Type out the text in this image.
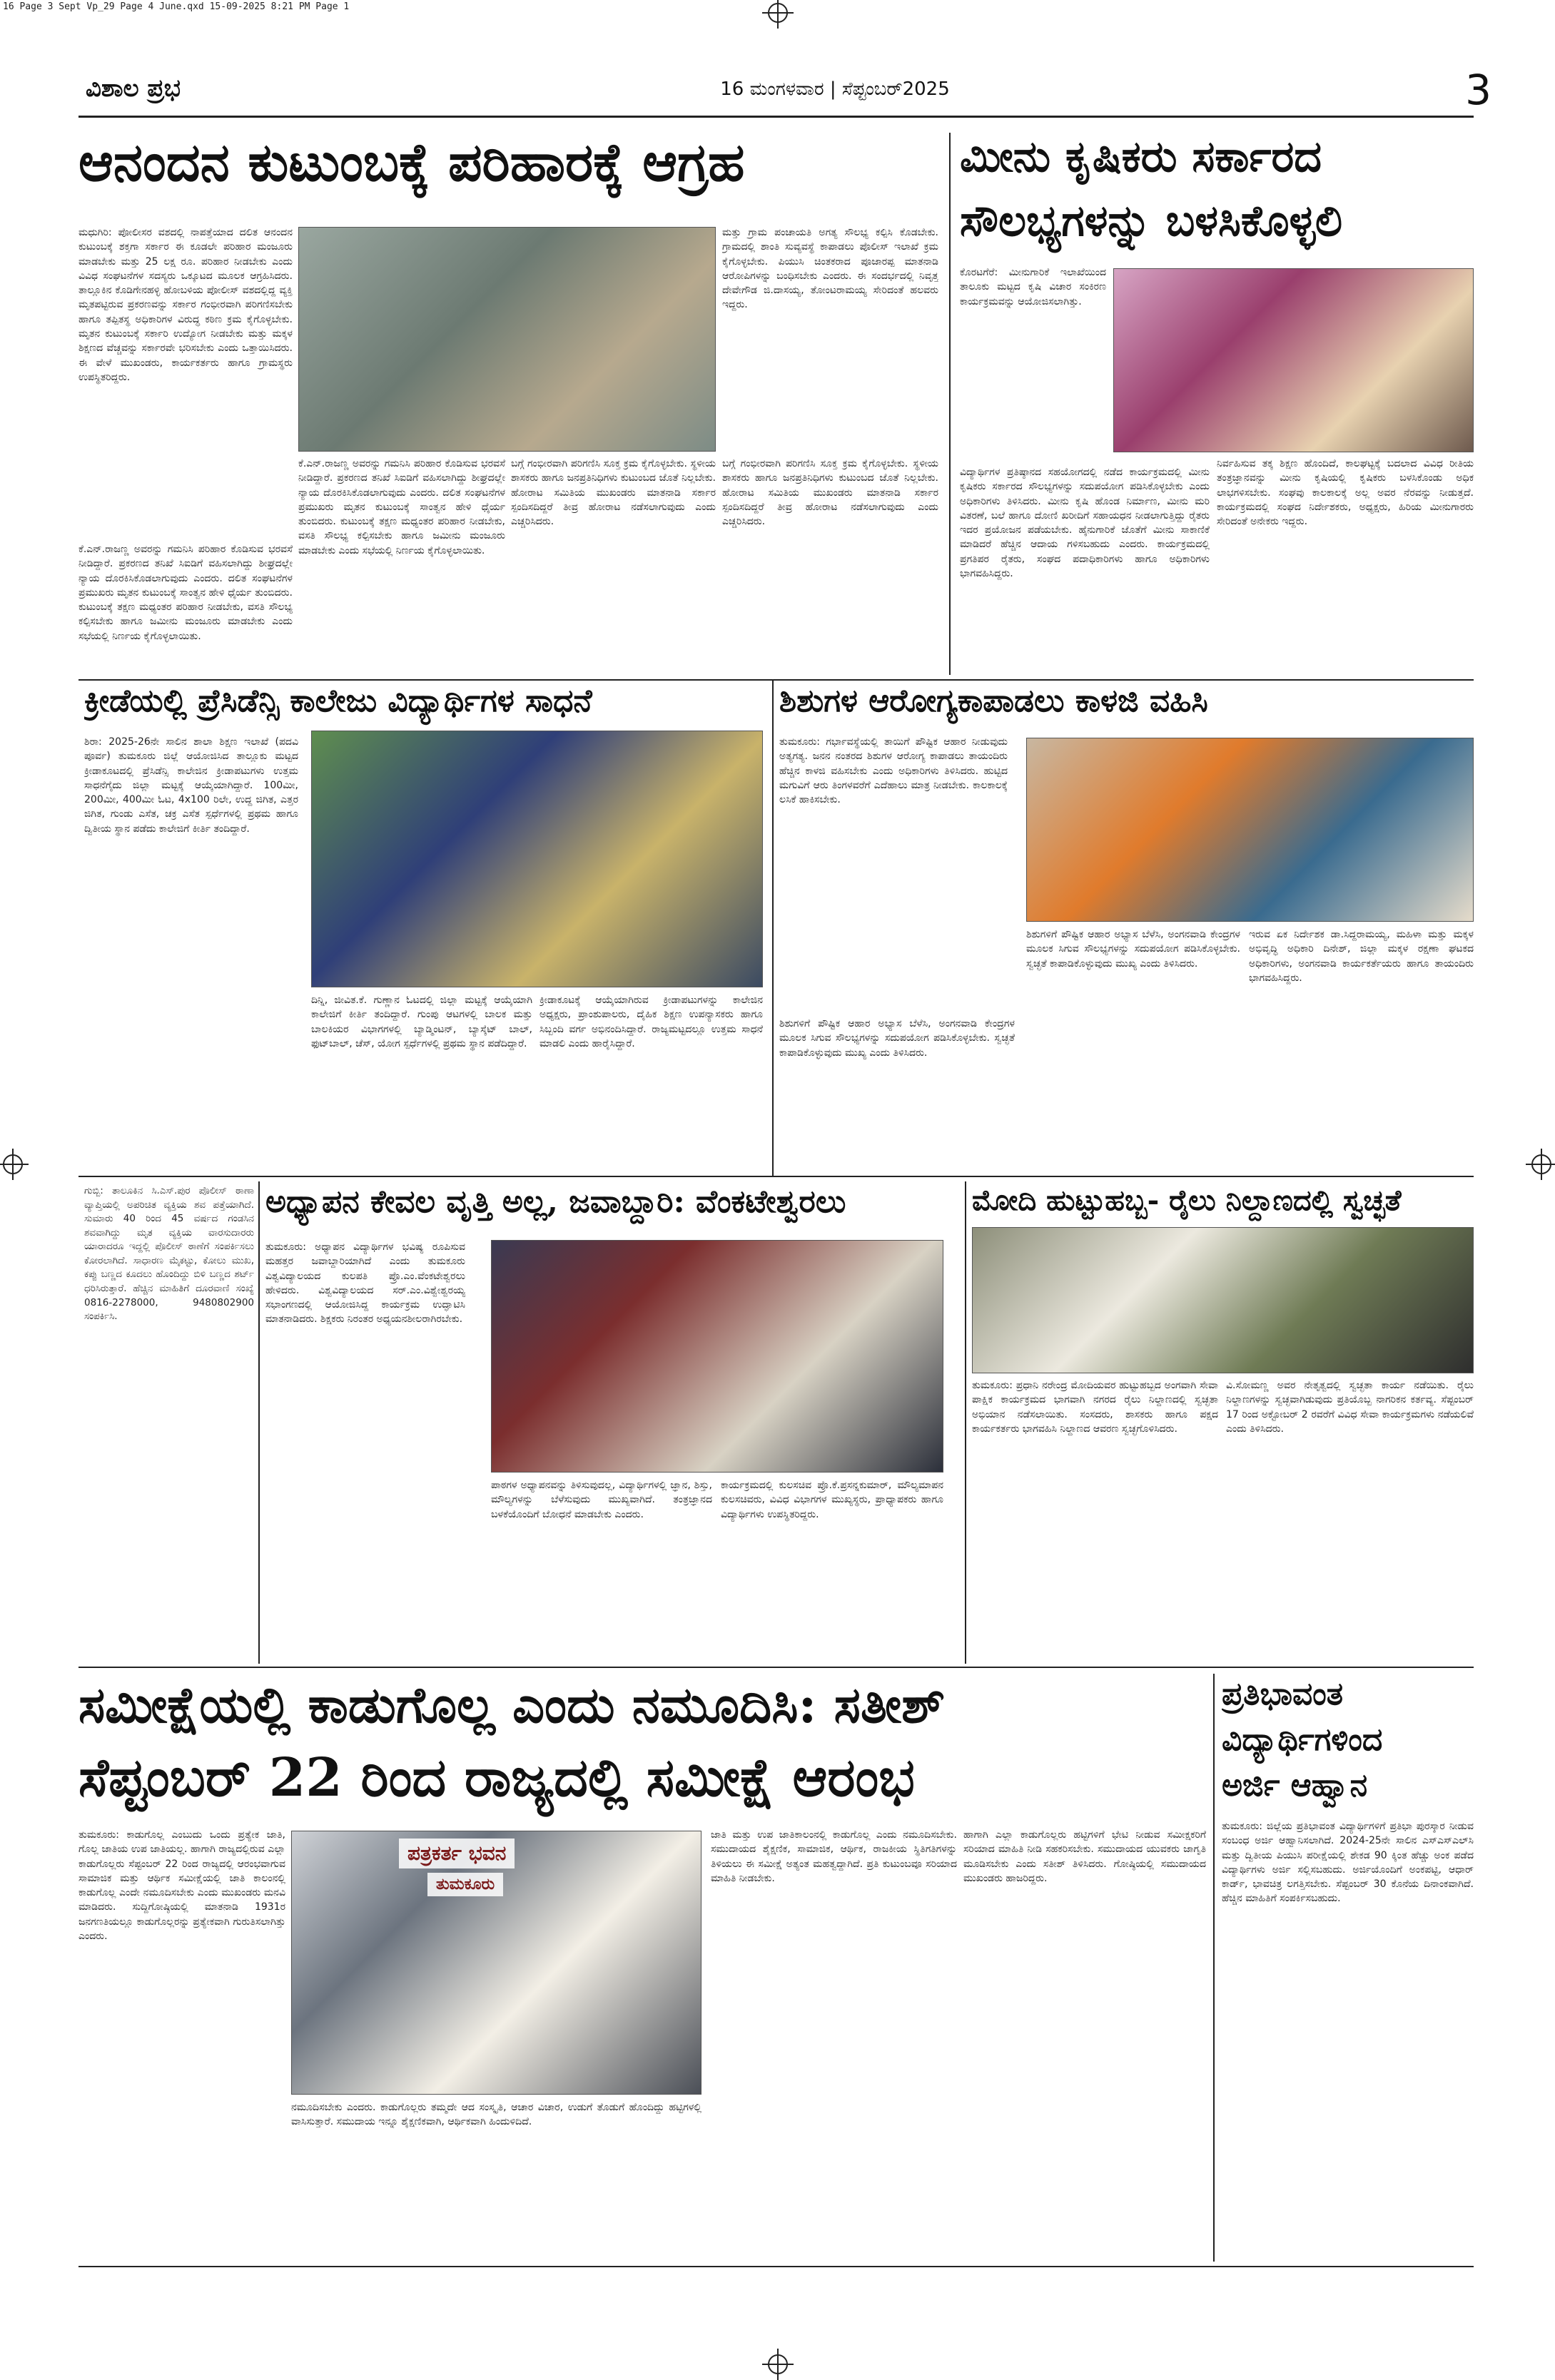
16 Page 3 Sept Vp_29 Page 4 June.qxd 15-09-2025 8:21 PM Page 1
ವಿಶಾಲ ಪ್ರಭ	16 ಮಂಗಳವಾರ | ಸೆಪ್ಟಂಬರ್2025	3
ಆನಂದನ ಕುಟುಂಬಕ್ಕೆ ಪರಿಹಾರಕ್ಕೆ ಆಗ್ರಹ
ಮಧುಗಿರಿ: ಪೋಲೀಸರ ವಶದಲ್ಲಿ ನಾಪತ್ತೆಯಾದ ದಲಿತ ಆನಂದನ ಕುಟುಂಬಕ್ಕೆ ಶಕ್ತಗಾ ಸರ್ಕಾರ ಈ ಕೂಡಲೇ ಪರಿಹಾರ ಮಂಜೂರು ಮಾಡಬೇಕು ಮತ್ತು 25 ಲಕ್ಷ ರೂ. ಪರಿಹಾರ ನೀಡಬೇಕು ಎಂದು ವಿವಿಧ ಸಂಘಟನೆಗಳ ಸದಸ್ಯರು ಒಕ್ಕೂಟದ ಮೂಲಕ ಆಗ್ರಹಿಸಿದರು. ತಾಲ್ಲೂಕಿನ ಕೊಡಿಗೇನಹಳ್ಳಿ ಹೋಬಳಿಯ ಪೋಲೀಸ್ ವಶದಲ್ಲಿದ್ದ ವ್ಯಕ್ತಿ ಮೃತಪಟ್ಟಿರುವ ಪ್ರಕರಣವನ್ನು ಸರ್ಕಾರ ಗಂಭೀರವಾಗಿ ಪರಿಗಣಿಸಬೇಕು ಹಾಗೂ ತಪ್ಪಿತಸ್ಥ ಅಧಿಕಾರಿಗಳ ವಿರುದ್ಧ ಕಠಿಣ ಕ್ರಮ ಕೈಗೊಳ್ಳಬೇಕು. ಮೃತನ ಕುಟುಂಬಕ್ಕೆ ಸರ್ಕಾರಿ ಉದ್ಯೋಗ ನೀಡಬೇಕು ಮತ್ತು ಮಕ್ಕಳ ಶಿಕ್ಷಣದ ವೆಚ್ಚವನ್ನು ಸರ್ಕಾರವೇ ಭರಿಸಬೇಕು ಎಂದು ಒತ್ತಾಯಿಸಿದರು. ಈ ವೇಳೆ ಮುಖಂಡರು, ಕಾರ್ಯಕರ್ತರು ಹಾಗೂ ಗ್ರಾಮಸ್ಥರು ಉಪಸ್ಥಿತರಿದ್ದರು.
ಮತ್ತು ಗ್ರಾಮ ಪಂಚಾಯತಿ ಅಗತ್ಯ ಸೌಲಭ್ಯ ಕಲ್ಪಿಸಿ ಕೊಡಬೇಕು. ಗ್ರಾಮದಲ್ಲಿ ಶಾಂತಿ ಸುವ್ಯವಸ್ಥೆ ಕಾಪಾಡಲು ಪೊಲೀಸ್ ಇಲಾಖೆ ಕ್ರಮ ಕೈಗೊಳ್ಳಬೇಕು. ಪಿಯುಸಿ ಚಿಂತಕರಾದ ಪೂಜಾರಪ್ಪ ಮಾತನಾಡಿ ಆರೋಪಿಗಳನ್ನು ಬಂಧಿಸಬೇಕು ಎಂದರು. ಈ ಸಂದರ್ಭದಲ್ಲಿ ನಿವೃತ್ತ ದೇವೇಗೌಡ ಜಿ.ದಾಸಯ್ಯ, ತೋಂಟರಾಮಯ್ಯ ಸೇರಿದಂತೆ ಹಲವರು ಇದ್ದರು.
ಕೆ.ಎನ್.ರಾಜಣ್ಣ ಅವರನ್ನು ಗಮನಿಸಿ ಪರಿಹಾರ ಕೊಡಿಸುವ ಭರವಸೆ ನೀಡಿದ್ದಾರೆ. ಪ್ರಕರಣದ ತನಿಖೆ ಸಿಐಡಿಗೆ ವಹಿಸಲಾಗಿದ್ದು ಶೀಘ್ರದಲ್ಲೇ ನ್ಯಾಯ ದೊರಕಿಸಿಕೊಡಲಾಗುವುದು ಎಂದರು. ದಲಿತ ಸಂಘಟನೆಗಳ ಪ್ರಮುಖರು ಮೃತನ ಕುಟುಂಬಕ್ಕೆ ಸಾಂತ್ವನ ಹೇಳಿ ಧೈರ್ಯ ತುಂಬಿದರು. ಕುಟುಂಬಕ್ಕೆ ತಕ್ಷಣ ಮಧ್ಯಂತರ ಪರಿಹಾರ ನೀಡಬೇಕು, ವಸತಿ ಸೌಲಭ್ಯ ಕಲ್ಪಿಸಬೇಕು ಹಾಗೂ ಜಮೀನು ಮಂಜೂರು ಮಾಡಬೇಕು ಎಂದು ಸಭೆಯಲ್ಲಿ ನಿರ್ಣಯ ಕೈಗೊಳ್ಳಲಾಯಿತು.
ಬಗ್ಗೆ ಗಂಭೀರವಾಗಿ ಪರಿಗಣಿಸಿ ಸೂಕ್ತ ಕ್ರಮ ಕೈಗೊಳ್ಳಬೇಕು. ಸ್ಥಳೀಯ ಶಾಸಕರು ಹಾಗೂ ಜನಪ್ರತಿನಿಧಿಗಳು ಕುಟುಂಬದ ಜೊತೆ ನಿಲ್ಲಬೇಕು. ಹೋರಾಟ ಸಮಿತಿಯ ಮುಖಂಡರು ಮಾತನಾಡಿ ಸರ್ಕಾರ ಸ್ಪಂದಿಸದಿದ್ದರೆ ತೀವ್ರ ಹೋರಾಟ ನಡೆಸಲಾಗುವುದು ಎಂದು ಎಚ್ಚರಿಸಿದರು.
ಕೆ.ಎನ್.ರಾಜಣ್ಣ ಅವರನ್ನು ಗಮನಿಸಿ ಪರಿಹಾರ ಕೊಡಿಸುವ ಭರವಸೆ ನೀಡಿದ್ದಾರೆ. ಪ್ರಕರಣದ ತನಿಖೆ ಸಿಐಡಿಗೆ ವಹಿಸಲಾಗಿದ್ದು ಶೀಘ್ರದಲ್ಲೇ ನ್ಯಾಯ ದೊರಕಿಸಿಕೊಡಲಾಗುವುದು ಎಂದರು. ದಲಿತ ಸಂಘಟನೆಗಳ ಪ್ರಮುಖರು ಮೃತನ ಕುಟುಂಬಕ್ಕೆ ಸಾಂತ್ವನ ಹೇಳಿ ಧೈರ್ಯ ತುಂಬಿದರು. ಕುಟುಂಬಕ್ಕೆ ತಕ್ಷಣ ಮಧ್ಯಂತರ ಪರಿಹಾರ ನೀಡಬೇಕು, ವಸತಿ ಸೌಲಭ್ಯ ಕಲ್ಪಿಸಬೇಕು ಹಾಗೂ ಜಮೀನು ಮಂಜೂರು ಮಾಡಬೇಕು ಎಂದು ಸಭೆಯಲ್ಲಿ ನಿರ್ಣಯ ಕೈಗೊಳ್ಳಲಾಯಿತು.
ಬಗ್ಗೆ ಗಂಭೀರವಾಗಿ ಪರಿಗಣಿಸಿ ಸೂಕ್ತ ಕ್ರಮ ಕೈಗೊಳ್ಳಬೇಕು. ಸ್ಥಳೀಯ ಶಾಸಕರು ಹಾಗೂ ಜನಪ್ರತಿನಿಧಿಗಳು ಕುಟುಂಬದ ಜೊತೆ ನಿಲ್ಲಬೇಕು. ಹೋರಾಟ ಸಮಿತಿಯ ಮುಖಂಡರು ಮಾತನಾಡಿ ಸರ್ಕಾರ ಸ್ಪಂದಿಸದಿದ್ದರೆ ತೀವ್ರ ಹೋರಾಟ ನಡೆಸಲಾಗುವುದು ಎಂದು ಎಚ್ಚರಿಸಿದರು.
ಮೀನು ಕೃಷಿಕರು ಸರ್ಕಾರದ
ಸೌಲಭ್ಯಗಳನ್ನು ಬಳಸಿಕೊಳ್ಳಲಿ
ಕೊರಟಗೆರೆ: ಮೀನುಗಾರಿಕೆ ಇಲಾಖೆಯಿಂದ ತಾಲೂಕು ಮಟ್ಟದ ಕೃಷಿ ವಿಚಾರ ಸಂಕಿರಣ ಕಾರ್ಯಕ್ರಮವನ್ನು ಆಯೋಜಿಸಲಾಗಿತ್ತು.
ವಿದ್ಯಾರ್ಥಿಗಳ ಪ್ರತಿಷ್ಠಾನದ ಸಹಯೋಗದಲ್ಲಿ ನಡೆದ ಕಾರ್ಯಕ್ರಮದಲ್ಲಿ ಮೀನು ಕೃಷಿಕರು ಸರ್ಕಾರದ ಸೌಲಭ್ಯಗಳನ್ನು ಸದುಪಯೋಗ ಪಡಿಸಿಕೊಳ್ಳಬೇಕು ಎಂದು ಅಧಿಕಾರಿಗಳು ತಿಳಿಸಿದರು. ಮೀನು ಕೃಷಿ ಹೊಂಡ ನಿರ್ಮಾಣ, ಮೀನು ಮರಿ ವಿತರಣೆ, ಬಲೆ ಹಾಗೂ ದೋಣಿ ಖರೀದಿಗೆ ಸಹಾಯಧನ ನೀಡಲಾಗುತ್ತಿದ್ದು ರೈತರು ಇದರ ಪ್ರಯೋಜನ ಪಡೆಯಬೇಕು. ಹೈನುಗಾರಿಕೆ ಜೊತೆಗೆ ಮೀನು ಸಾಕಾಣಿಕೆ ಮಾಡಿದರೆ ಹೆಚ್ಚಿನ ಆದಾಯ ಗಳಿಸಬಹುದು ಎಂದರು. ಕಾರ್ಯಕ್ರಮದಲ್ಲಿ ಪ್ರಗತಿಪರ ರೈತರು, ಸಂಘದ ಪದಾಧಿಕಾರಿಗಳು ಹಾಗೂ ಅಧಿಕಾರಿಗಳು ಭಾಗವಹಿಸಿದ್ದರು.
ನಿರ್ವಹಿಸುವ ತಕ್ಕ ಶಿಕ್ಷಣ ಹೊಂದಿದೆ, ಕಾಲಘಟ್ಟಕ್ಕೆ ಬದಲಾದ ವಿವಿಧ ರೀತಿಯ ತಂತ್ರಜ್ಞಾನವನ್ನು ಮೀನು ಕೃಷಿಯಲ್ಲಿ ಕೃಷಿಕರು ಬಳಸಿಕೊಂಡು ಅಧಿಕ ಲಾಭಗಳಿಸಬೇಕು. ಸಂಘವು ಕಾಲಕಾಲಕ್ಕೆ ಅಲ್ಲ ಅವರ ನೆರವನ್ನು ನೀಡುತ್ತದೆ. ಕಾರ್ಯಕ್ರಮದಲ್ಲಿ ಸಂಘದ ನಿರ್ದೇಶಕರು, ಅಧ್ಯಕ್ಷರು, ಹಿರಿಯ ಮೀನುಗಾರರು ಸೇರಿದಂತೆ ಅನೇಕರು ಇದ್ದರು.
ಕ್ರೀಡೆಯಲ್ಲಿ ಪ್ರೆಸಿಡೆನ್ಸಿ ಕಾಲೇಜು ವಿದ್ಯಾರ್ಥಿಗಳ ಸಾಧನೆ
ಶಿರಾ: 2025-26ನೇ ಸಾಲಿನ ಶಾಲಾ ಶಿಕ್ಷಣ ಇಲಾಖೆ (ಪದವಿ ಪೂರ್ವ) ತುಮಕೂರು ಜಿಲ್ಲೆ ಆಯೋಜಿಸಿದ ತಾಲ್ಲೂಕು ಮಟ್ಟದ ಕ್ರೀಡಾಕೂಟದಲ್ಲಿ ಪ್ರೆಸಿಡೆನ್ಸಿ ಕಾಲೇಜಿನ ಕ್ರೀಡಾಪಟುಗಳು ಉತ್ತಮ ಸಾಧನೆಗೈದು ಜಿಲ್ಲಾ ಮಟ್ಟಕ್ಕೆ ಆಯ್ಕೆಯಾಗಿದ್ದಾರೆ. 100ಮೀ, 200ಮೀ, 400ಮೀ ಓಟ, 4x100 ರಿಲೇ, ಉದ್ದ ಜಿಗಿತ, ಎತ್ತರ ಜಿಗಿತ, ಗುಂಡು ಎಸೆತ, ಚಕ್ರ ಎಸೆತ ಸ್ಪರ್ಧೆಗಳಲ್ಲಿ ಪ್ರಥಮ ಹಾಗೂ ದ್ವಿತೀಯ ಸ್ಥಾನ ಪಡೆದು ಕಾಲೇಜಿಗೆ ಕೀರ್ತಿ ತಂದಿದ್ದಾರೆ.
ದಿನ್ನಿ, ಜೀವಿತ.ಕೆ. ಗುಣ್ಣಾನ ಓಟದಲ್ಲಿ ಜಿಲ್ಲಾ ಮಟ್ಟಕ್ಕೆ ಆಯ್ಕೆಯಾಗಿ ಕಾಲೇಜಿಗೆ ಕೀರ್ತಿ ತಂದಿದ್ದಾರೆ. ಗುಂಪು ಆಟಗಳಲ್ಲಿ ಬಾಲಕ ಮತ್ತು ಬಾಲಕಿಯರ ವಿಭಾಗಗಳಲ್ಲಿ ಬ್ಯಾಡ್ಮಿಂಟನ್, ಬ್ಯಾಸ್ಕೆಟ್ ಬಾಲ್, ಫುಟ್‌ಬಾಲ್, ಚೆಸ್, ಯೋಗ ಸ್ಪರ್ಧೆಗಳಲ್ಲಿ ಪ್ರಥಮ ಸ್ಥಾನ ಪಡೆದಿದ್ದಾರೆ.
ಕ್ರೀಡಾಕೂಟಕ್ಕೆ ಆಯ್ಕೆಯಾಗಿರುವ ಕ್ರೀಡಾಪಟುಗಳನ್ನು ಕಾಲೇಜಿನ ಅಧ್ಯಕ್ಷರು, ಪ್ರಾಂಶುಪಾಲರು, ದೈಹಿಕ ಶಿಕ್ಷಣ ಉಪನ್ಯಾಸಕರು ಹಾಗೂ ಸಿಬ್ಬಂದಿ ವರ್ಗ ಅಭಿನಂದಿಸಿದ್ದಾರೆ. ರಾಜ್ಯಮಟ್ಟದಲ್ಲೂ ಉತ್ತಮ ಸಾಧನೆ ಮಾಡಲಿ ಎಂದು ಹಾರೈಸಿದ್ದಾರೆ.
ಶಿಶುಗಳ ಆರೋಗ್ಯಕಾಪಾಡಲು ಕಾಳಜಿ ವಹಿಸಿ
ತುಮಕೂರು: ಗರ್ಭಾವಸ್ಥೆಯಲ್ಲಿ ತಾಯಿಗೆ ಪೌಷ್ಟಿಕ ಆಹಾರ ನೀಡುವುದು ಅತ್ಯಗತ್ಯ. ಜನನ ನಂತರದ ಶಿಶುಗಳ ಆರೋಗ್ಯ ಕಾಪಾಡಲು ತಾಯಂದಿರು ಹೆಚ್ಚಿನ ಕಾಳಜಿ ವಹಿಸಬೇಕು ಎಂದು ಅಧಿಕಾರಿಗಳು ತಿಳಿಸಿದರು. ಹುಟ್ಟಿದ ಮಗುವಿಗೆ ಆರು ತಿಂಗಳವರೆಗೆ ಎದೆಹಾಲು ಮಾತ್ರ ನೀಡಬೇಕು. ಕಾಲಕಾಲಕ್ಕೆ ಲಸಿಕೆ ಹಾಕಿಸಬೇಕು.
ಶಿಶುಗಳಿಗೆ ಪೌಷ್ಟಿಕ ಆಹಾರ ಅಭ್ಯಾಸ ಬೆಳೆಸಿ, ಅಂಗನವಾಡಿ ಕೇಂದ್ರಗಳ ಮೂಲಕ ಸಿಗುವ ಸೌಲಭ್ಯಗಳನ್ನು ಸದುಪಯೋಗ ಪಡಿಸಿಕೊಳ್ಳಬೇಕು. ಸ್ವಚ್ಛತೆ ಕಾಪಾಡಿಕೊಳ್ಳುವುದು ಮುಖ್ಯ ಎಂದು ತಿಳಿಸಿದರು.
ಇರುವ ಏಕ ನಿರ್ದೇಶಕ ಡಾ.ಸಿದ್ದರಾಮಯ್ಯ, ಮಹಿಳಾ ಮತ್ತು ಮಕ್ಕಳ ಅಭಿವೃದ್ಧಿ ಅಧಿಕಾರಿ ದಿನೇಶ್, ಜಿಲ್ಲಾ ಮಕ್ಕಳ ರಕ್ಷಣಾ ಘಟಕದ ಅಧಿಕಾರಿಗಳು, ಅಂಗನವಾಡಿ ಕಾರ್ಯಕರ್ತೆಯರು ಹಾಗೂ ತಾಯಂದಿರು ಭಾಗವಹಿಸಿದ್ದರು.
ಶಿಶುಗಳಿಗೆ ಪೌಷ್ಟಿಕ ಆಹಾರ ಅಭ್ಯಾಸ ಬೆಳೆಸಿ, ಅಂಗನವಾಡಿ ಕೇಂದ್ರಗಳ ಮೂಲಕ ಸಿಗುವ ಸೌಲಭ್ಯಗಳನ್ನು ಸದುಪಯೋಗ ಪಡಿಸಿಕೊಳ್ಳಬೇಕು. ಸ್ವಚ್ಛತೆ ಕಾಪಾಡಿಕೊಳ್ಳುವುದು ಮುಖ್ಯ ಎಂದು ತಿಳಿಸಿದರು.
ಗುಬ್ಬಿ: ತಾಲೂಕಿನ ಸಿ.ಎಸ್.ಪುರ ಪೊಲೀಸ್ ಠಾಣಾ ವ್ಯಾಪ್ತಿಯಲ್ಲಿ ಅಪರಿಚಿತ ವ್ಯಕ್ತಿಯ ಶವ ಪತ್ತೆಯಾಗಿದೆ. ಸುಮಾರು 40 ರಿಂದ 45 ವರ್ಷದ ಗಂಡಸಿನ ಶವವಾಗಿದ್ದು ಮೃತ ವ್ಯಕ್ತಿಯ ವಾರಸುದಾರರು ಯಾರಾದರೂ ಇದ್ದಲ್ಲಿ ಪೊಲೀಸ್ ಠಾಣೆಗೆ ಸಂಪರ್ಕಿಸಲು ಕೋರಲಾಗಿದೆ. ಸಾಧಾರಣ ಮೈಕಟ್ಟು, ಕೋಲು ಮುಖ, ಕಪ್ಪು ಬಣ್ಣದ ಕೂದಲು ಹೊಂದಿದ್ದು ಬಿಳಿ ಬಣ್ಣದ ಶರ್ಟ್ ಧರಿಸಿರುತ್ತಾರೆ. ಹೆಚ್ಚಿನ ಮಾಹಿತಿಗೆ ದೂರವಾಣಿ ಸಂಖ್ಯೆ 0816-2278000, 9480802900 ಸಂಪರ್ಕಿಸಿ.
ಅಧ್ಯಾಪನ ಕೇವಲ ವೃತ್ತಿ ಅಲ್ಲ, ಜವಾಬ್ದಾರಿ: ವೆಂಕಟೇಶ್ವರಲು
ತುಮಕೂರು: ಅಧ್ಯಾಪನ ವಿದ್ಯಾರ್ಥಿಗಳ ಭವಿಷ್ಯ ರೂಪಿಸುವ ಮಹತ್ತರ ಜವಾಬ್ದಾರಿಯಾಗಿದೆ ಎಂದು ತುಮಕೂರು ವಿಶ್ವವಿದ್ಯಾಲಯದ ಕುಲಪತಿ ಪ್ರೊ.ಎಂ.ವೆಂಕಟೇಶ್ವರಲು ಹೇಳಿದರು. ವಿಶ್ವವಿದ್ಯಾಲಯದ ಸರ್.ಎಂ.ವಿಶ್ವೇಶ್ವರಯ್ಯ ಸಭಾಂಗಣದಲ್ಲಿ ಆಯೋಜಿಸಿದ್ದ ಕಾರ್ಯಕ್ರಮ ಉದ್ಘಾಟಿಸಿ ಮಾತನಾಡಿದರು. ಶಿಕ್ಷಕರು ನಿರಂತರ ಅಧ್ಯಯನಶೀಲರಾಗಿರಬೇಕು.
ಪಾಠಗಳ ಅಧ್ಯಾಪನವನ್ನು ತಿಳಿಸುವುದಲ್ಲ, ವಿದ್ಯಾರ್ಥಿಗಳಲ್ಲಿ ಜ್ಞಾನ, ಶಿಸ್ತು, ಮೌಲ್ಯಗಳನ್ನು ಬೆಳೆಸುವುದು ಮುಖ್ಯವಾಗಿದೆ. ತಂತ್ರಜ್ಞಾನದ ಬಳಕೆಯೊಂದಿಗೆ ಬೋಧನೆ ಮಾಡಬೇಕು ಎಂದರು.
ಕಾರ್ಯಕ್ರಮದಲ್ಲಿ ಕುಲಸಚಿವ ಪ್ರೊ.ಕೆ.ಪ್ರಸನ್ನಕುಮಾರ್, ಮೌಲ್ಯಮಾಪನ ಕುಲಸಚಿವರು, ವಿವಿಧ ವಿಭಾಗಗಳ ಮುಖ್ಯಸ್ಥರು, ಪ್ರಾಧ್ಯಾಪಕರು ಹಾಗೂ ವಿದ್ಯಾರ್ಥಿಗಳು ಉಪಸ್ಥಿತರಿದ್ದರು.
ಮೋದಿ ಹುಟ್ಟುಹಬ್ಬ- ರೈಲು ನಿಲ್ದಾಣದಲ್ಲಿ ಸ್ವಚ್ಛತೆ
ತುಮಕೂರು: ಪ್ರಧಾನಿ ನರೇಂದ್ರ ಮೋದಿಯವರ ಹುಟ್ಟುಹಬ್ಬದ ಅಂಗವಾಗಿ ಸೇವಾ ಪಾಕ್ಷಿಕ ಕಾರ್ಯಕ್ರಮದ ಭಾಗವಾಗಿ ನಗರದ ರೈಲು ನಿಲ್ದಾಣದಲ್ಲಿ ಸ್ವಚ್ಛತಾ ಅಭಿಯಾನ ನಡೆಸಲಾಯಿತು. ಸಂಸದರು, ಶಾಸಕರು ಹಾಗೂ ಪಕ್ಷದ ಕಾರ್ಯಕರ್ತರು ಭಾಗವಹಿಸಿ ನಿಲ್ದಾಣದ ಆವರಣ ಸ್ವಚ್ಛಗೊಳಿಸಿದರು.
ವಿ.ಸೋಮಣ್ಣ ಅವರ ನೇತೃತ್ವದಲ್ಲಿ ಸ್ವಚ್ಛತಾ ಕಾರ್ಯ ನಡೆಯಿತು. ರೈಲು ನಿಲ್ದಾಣಗಳನ್ನು ಸ್ವಚ್ಛವಾಗಿಡುವುದು ಪ್ರತಿಯೊಬ್ಬ ನಾಗರಿಕನ ಕರ್ತವ್ಯ. ಸೆಪ್ಟಂಬರ್ 17 ರಿಂದ ಅಕ್ಟೋಬರ್ 2 ರವರೆಗೆ ವಿವಿಧ ಸೇವಾ ಕಾರ್ಯಕ್ರಮಗಳು ನಡೆಯಲಿವೆ ಎಂದು ತಿಳಿಸಿದರು.
ಸಮೀಕ್ಷೆಯಲ್ಲಿ ಕಾಡುಗೊಲ್ಲ ಎಂದು ನಮೂದಿಸಿ: ಸತೀಶ್
ಸೆಪ್ಟಂಬರ್ 22 ರಿಂದ ರಾಜ್ಯದಲ್ಲಿ ಸಮೀಕ್ಷೆ ಆರಂಭ
ತುಮಕೂರು: ಕಾಡುಗೊಲ್ಲ ಎಂಬುದು ಒಂದು ಪ್ರತ್ಯೇಕ ಜಾತಿ, ಗೊಲ್ಲ ಜಾತಿಯ ಉಪ ಜಾತಿಯಲ್ಲ. ಹಾಗಾಗಿ ರಾಜ್ಯದಲ್ಲಿರುವ ಎಲ್ಲಾ ಕಾಡುಗೊಲ್ಲರು ಸೆಪ್ಟಂಬರ್ 22 ರಿಂದ ರಾಜ್ಯದಲ್ಲಿ ಆರಂಭವಾಗುವ ಸಾಮಾಜಿಕ ಮತ್ತು ಆರ್ಥಿಕ ಸಮೀಕ್ಷೆಯಲ್ಲಿ ಜಾತಿ ಕಾಲಂನಲ್ಲಿ ಕಾಡುಗೊಲ್ಲ ಎಂದೇ ನಮೂದಿಸಬೇಕು ಎಂದು ಮುಖಂಡರು ಮನವಿ ಮಾಡಿದರು. ಸುದ್ದಿಗೋಷ್ಠಿಯಲ್ಲಿ ಮಾತನಾಡಿ 1931ರ ಜನಗಣತಿಯಲ್ಲೂ ಕಾಡುಗೊಲ್ಲರನ್ನು ಪ್ರತ್ಯೇಕವಾಗಿ ಗುರುತಿಸಲಾಗಿತ್ತು ಎಂದರು.
ಪತ್ರಕರ್ತ ಭವನ
ತುಮಕೂರು
ನಮೂದಿಸಬೇಕು ಎಂದರು. ಕಾಡುಗೊಲ್ಲರು ತಮ್ಮದೇ ಆದ ಸಂಸ್ಕೃತಿ, ಆಚಾರ ವಿಚಾರ, ಉಡುಗೆ ತೊಡುಗೆ ಹೊಂದಿದ್ದು ಹಟ್ಟಿಗಳಲ್ಲಿ ವಾಸಿಸುತ್ತಾರೆ. ಸಮುದಾಯ ಇನ್ನೂ ಶೈಕ್ಷಣಿಕವಾಗಿ, ಆರ್ಥಿಕವಾಗಿ ಹಿಂದುಳಿದಿದೆ.
ಜಾತಿ ಮತ್ತು ಉಪ ಜಾತಿಕಾಲಂನಲ್ಲಿ ಕಾಡುಗೊಲ್ಲ ಎಂದು ನಮೂದಿಸಬೇಕು. ಸಮುದಾಯದ ಶೈಕ್ಷಣಿಕ, ಸಾಮಾಜಿಕ, ಆರ್ಥಿಕ, ರಾಜಕೀಯ ಸ್ಥಿತಿಗತಿಗಳನ್ನು ತಿಳಿಯಲು ಈ ಸಮೀಕ್ಷೆ ಅತ್ಯಂತ ಮಹತ್ವದ್ದಾಗಿದೆ. ಪ್ರತಿ ಕುಟುಂಬವೂ ಸರಿಯಾದ ಮಾಹಿತಿ ನೀಡಬೇಕು.
ಹಾಗಾಗಿ ಎಲ್ಲಾ ಕಾಡುಗೊಲ್ಲರು ಹಟ್ಟಿಗಳಿಗೆ ಭೇಟಿ ನೀಡುವ ಸಮೀಕ್ಷಕರಿಗೆ ಸರಿಯಾದ ಮಾಹಿತಿ ನೀಡಿ ಸಹಕರಿಸಬೇಕು. ಸಮುದಾಯದ ಯುವಕರು ಜಾಗೃತಿ ಮೂಡಿಸಬೇಕು ಎಂದು ಸತೀಶ್ ತಿಳಿಸಿದರು. ಗೋಷ್ಠಿಯಲ್ಲಿ ಸಮುದಾಯದ ಮುಖಂಡರು ಹಾಜರಿದ್ದರು.
ಪ್ರತಿಭಾವಂತ
ವಿದ್ಯಾರ್ಥಿಗಳಿಂದ
ಅರ್ಜಿ ಆಹ್ವಾನ
ತುಮಕೂರು: ಜಿಲ್ಲೆಯ ಪ್ರತಿಭಾವಂತ ವಿದ್ಯಾರ್ಥಿಗಳಿಗೆ ಪ್ರತಿಭಾ ಪುರಸ್ಕಾರ ನೀಡುವ ಸಂಬಂಧ ಅರ್ಜಿ ಆಹ್ವಾನಿಸಲಾಗಿದೆ. 2024-25ನೇ ಸಾಲಿನ ಎಸ್‌ಎಸ್‌ಎಲ್‌ಸಿ ಮತ್ತು ದ್ವಿತೀಯ ಪಿಯುಸಿ ಪರೀಕ್ಷೆಯಲ್ಲಿ ಶೇಕಡ 90 ಕ್ಕಿಂತ ಹೆಚ್ಚು ಅಂಕ ಪಡೆದ ವಿದ್ಯಾರ್ಥಿಗಳು ಅರ್ಜಿ ಸಲ್ಲಿಸಬಹುದು. ಅರ್ಜಿಯೊಂದಿಗೆ ಅಂಕಪಟ್ಟಿ, ಆಧಾರ್ ಕಾರ್ಡ್, ಭಾವಚಿತ್ರ ಲಗತ್ತಿಸಬೇಕು. ಸೆಪ್ಟಂಬರ್ 30 ಕೊನೆಯ ದಿನಾಂಕವಾಗಿದೆ. ಹೆಚ್ಚಿನ ಮಾಹಿತಿಗೆ ಸಂಪರ್ಕಿಸಬಹುದು.
